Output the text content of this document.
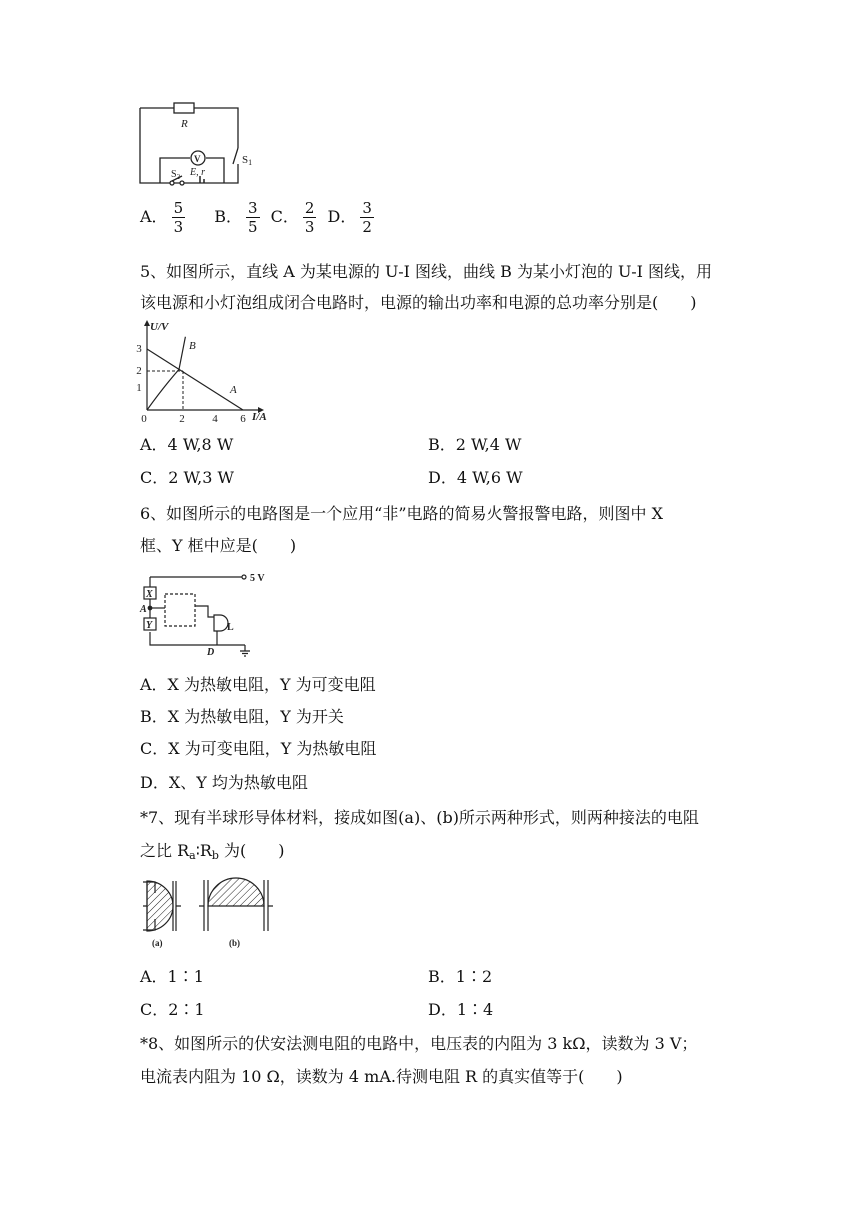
R
V	S1
$S_2$ E, r
U/V
I/A
0	2	4 6
1
2
3
A
B
X
Y
A
D
L
5 V
(a)	(b)
A． $\frac{5}{3}$ B． $\frac{3}{5}$ C． $\frac{2}{3}$ D． $\frac{3}{2}$
5、如图所示，直线 A 为某电源的 U-I 图线，曲线 B 为某小灯泡的 U-I 图线，用
该电源和小灯泡组成闭合电路时，电源的输出功率和电源的总功率分别是(　　)
A．4 W,8 W	B．2 W,4 W
C．2 W,3 W	D．4 W,6 W
6、如图所示的电路图是一个应用“非”电路的简易火警报警电路，则图中 X
框、Y 框中应是(　　)
A．X 为热敏电阻，Y 为可变电阻
B．X 为热敏电阻，Y 为开关
C．X 为可变电阻，Y 为热敏电阻
D．X、Y 均为热敏电阻
*7、现有半球形导体材料，接成如图(a)、(b)所示两种形式，则两种接法的电阻
之比 $R_a∶R_b$ 为(　　)
A．1∶1	B．1∶2
C．2∶1	D．1∶4
*8、如图所示的伏安法测电阻的电路中，电压表的内阻为 3 kΩ，读数为 3 V；
电流表内阻为 10 Ω，读数为 4 mA.待测电阻 R 的真实值等于(　　)
